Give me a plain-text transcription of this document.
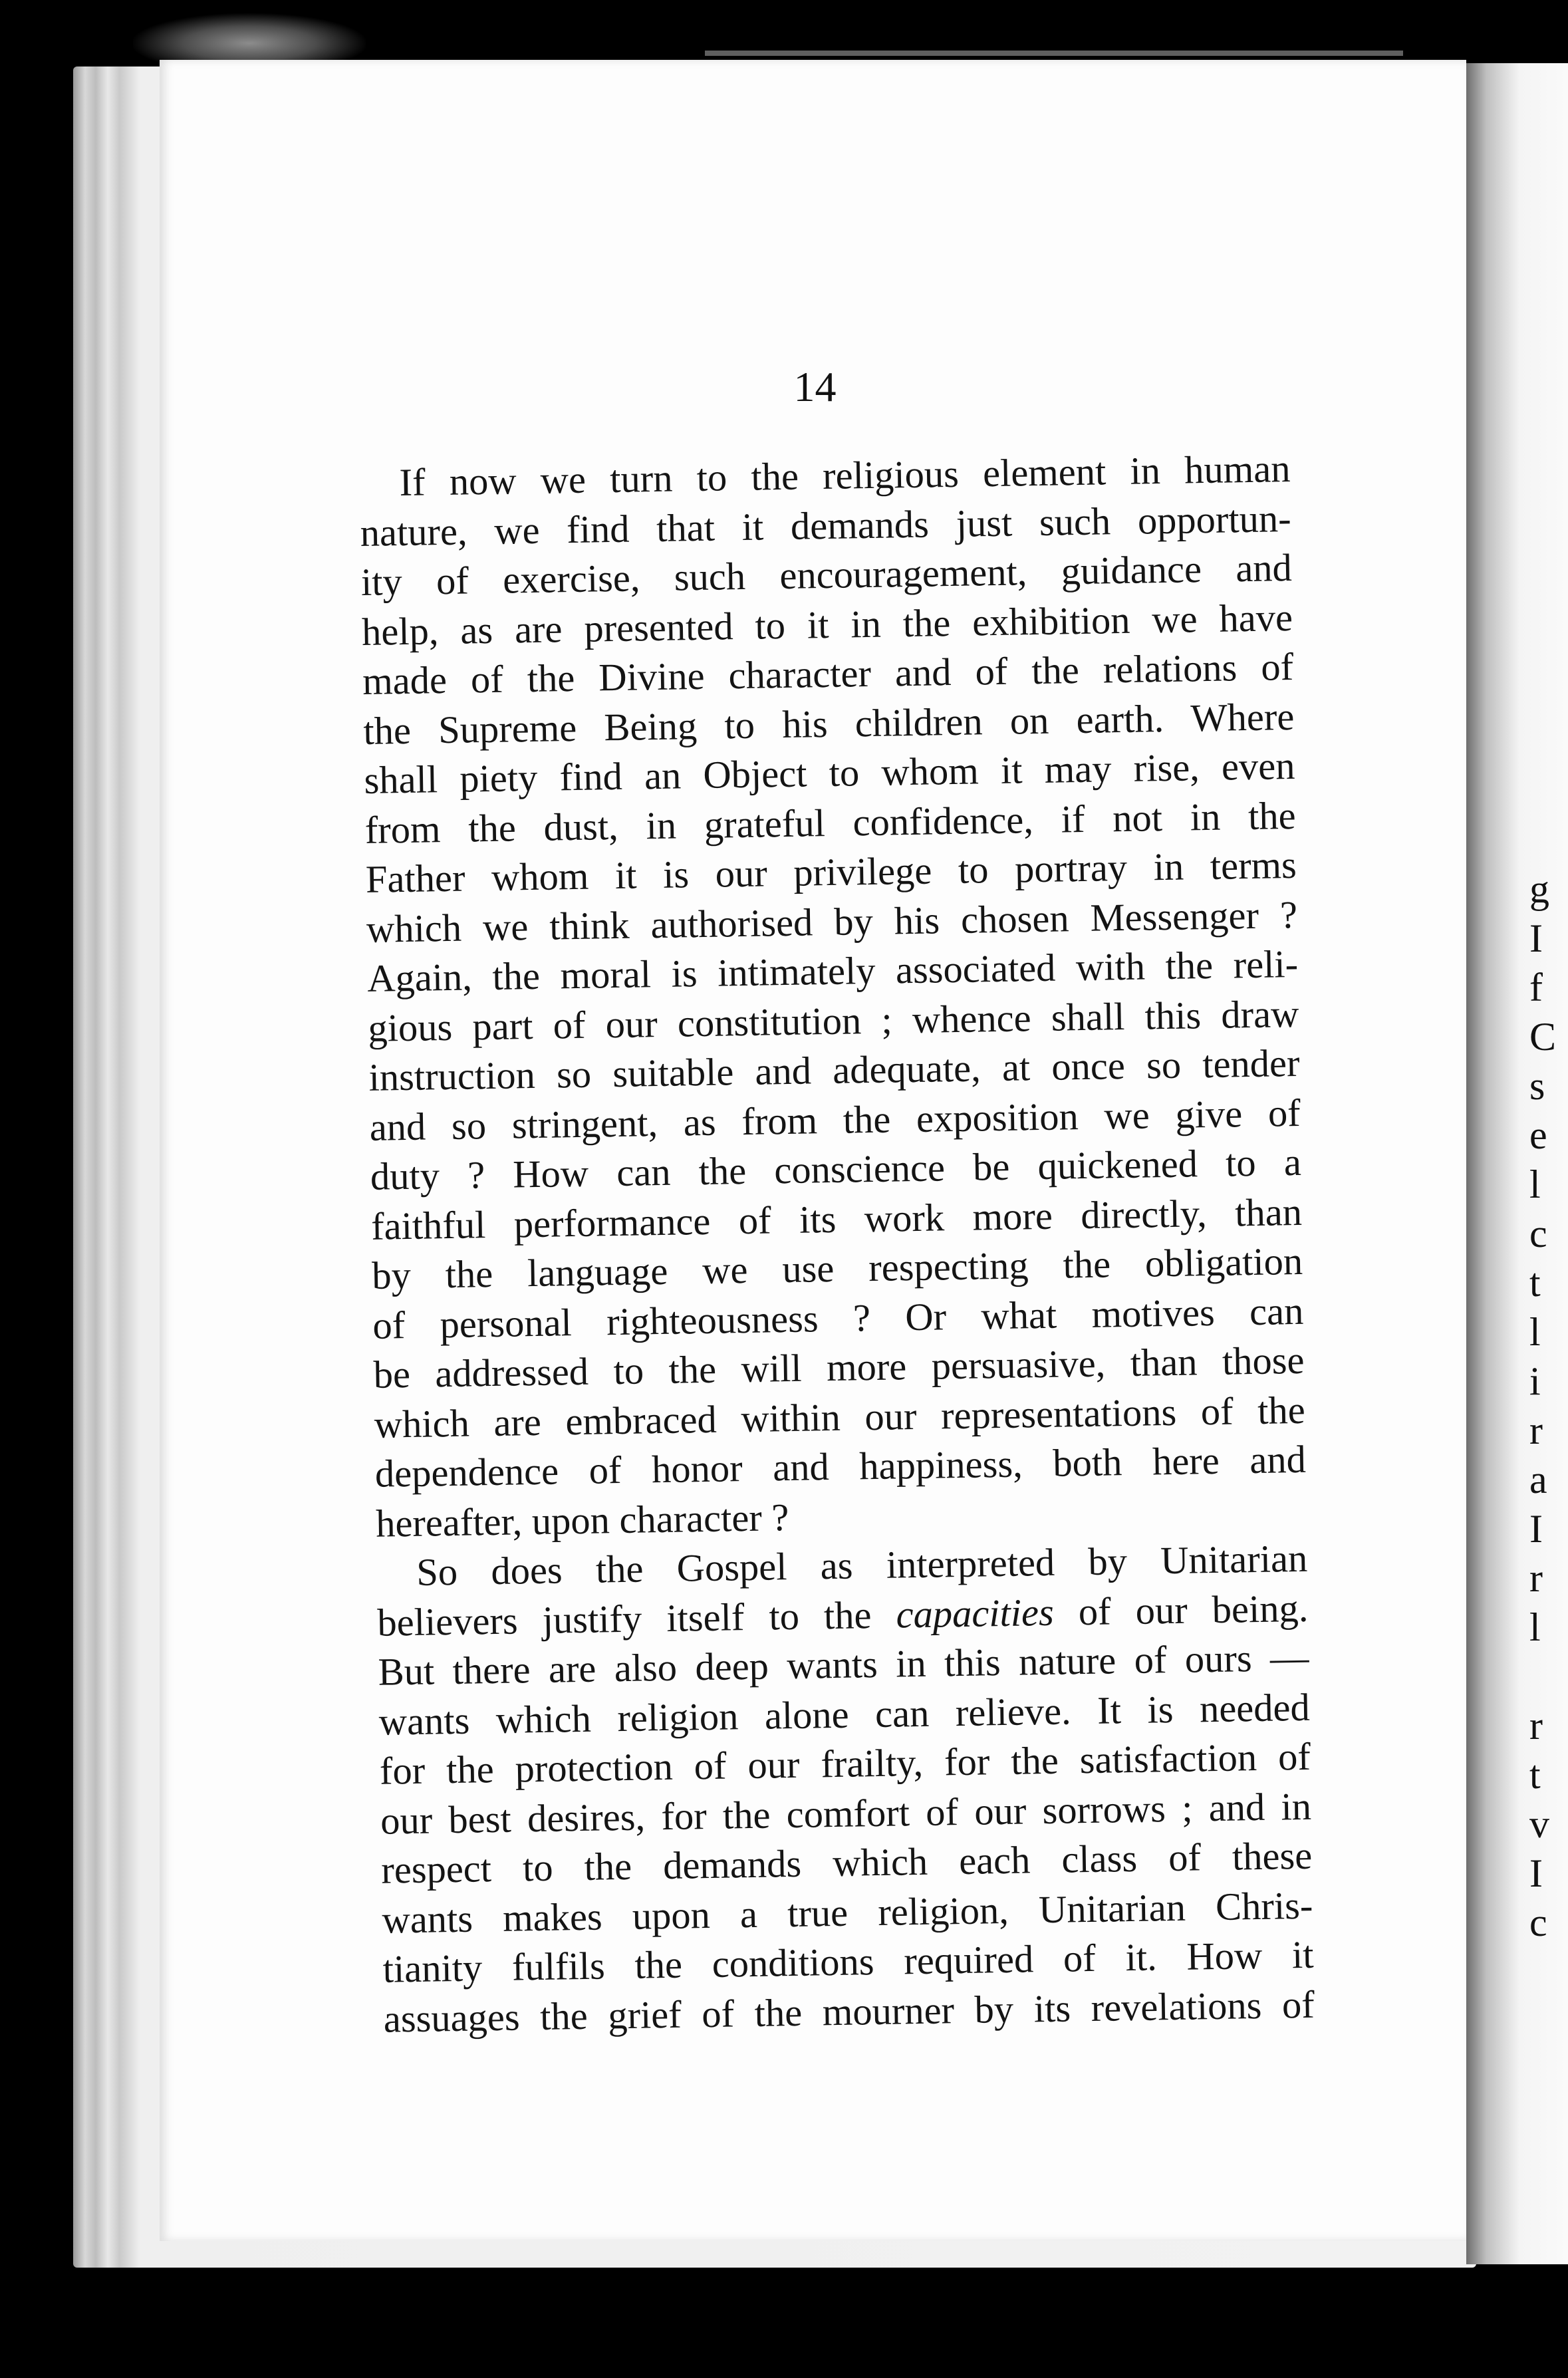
g
I
f
C
s
e
l
c
t
l
i
r
a
I
r
l

r
t
v
I
c
14
If now we turn to the religious element in human
nature, we find that it demands just such opportun-
ity of exercise, such encouragement, guidance and
help, as are presented to it in the exhibition we have
made of the Divine character and of the relations of
the Supreme Being to his children on earth. Where
shall piety find an Object to whom it may rise, even
from the dust, in grateful confidence, if not in the
Father whom it is our privilege to portray in terms
which we think authorised by his chosen Messenger ?
Again, the moral is intimately associated with the reli-
gious part of our constitution ; whence shall this draw
instruction so suitable and adequate, at once so tender
and so stringent, as from the exposition we give of
duty ? How can the conscience be quickened to a
faithful performance of its work more directly, than
by the language we use respecting the obligation
of personal righteousness ? Or what motives can
be addressed to the will more persuasive, than those
which are embraced within our representations of the
dependence of honor and happiness, both here and
hereafter, upon character ?
So does the Gospel as interpreted by Unitarian
believers justify itself to the capacities of our being.
But there are also deep wants in this nature of ours —
wants which religion alone can relieve. It is needed
for the protection of our frailty, for the satisfaction of
our best desires, for the comfort of our sorrows ; and in
respect to the demands which each class of these
wants makes upon a true religion, Unitarian Chris-
tianity fulfils the conditions required of it. How it
assuages the grief of the mourner by its revelations of
